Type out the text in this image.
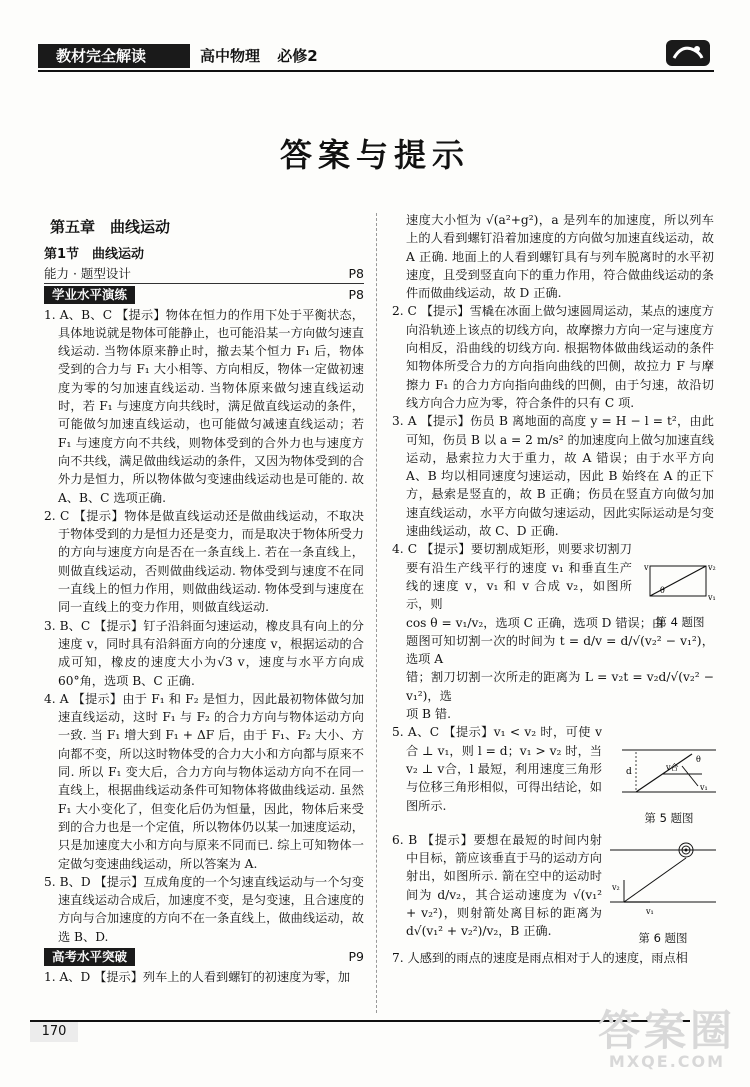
教材完全解读	高中物理 必修2
答案与提示
第五章　曲线运动
第1节　曲线运动
能力 · 题型设计	P8
学业水平演练	P8

1. A、B、C 【提示】物体在恒力的作用下处于平衡状态，具体地说就是物体可能静止，也可能沿某一方向做匀速直线运动. 当物体原来静止时，撤去某个恒力 F₁ 后，物体受到的合力与 F₁ 大小相等、方向相反，物体一定做初速度为零的匀加速直线运动. 当物体原来做匀速直线运动时，若 F₁ 与速度方向共线时，满足做直线运动的条件，可能做匀加速直线运动，也可能做匀减速直线运动；若 F₁ 与速度方向不共线，则物体受到的合外力也与速度方向不共线，满足做曲线运动的条件，又因为物体受到的合外力是恒力，所以物体做匀变速曲线运动也是可能的. 故 A、B、C 选项正确.

2. C 【提示】物体是做直线运动还是做曲线运动，不取决于物体受到的力是恒力还是变力，而是取决于物体所受力的方向与速度方向是否在一条直线上. 若在一条直线上，则做直线运动，否则做曲线运动. 物体受到与速度不在同一直线上的恒力作用，则做曲线运动. 物体受到与速度在同一直线上的变力作用，则做直线运动.

3. B、C 【提示】钉子沿斜面匀速运动，橡皮具有向上的分速度 v，同时具有沿斜面方向的分速度 v，根据运动的合成可知，橡皮的速度大小为√3 v，速度与水平方向成 60°角，选项 B、C 正确.

4. A 【提示】由于 F₁ 和 F₂ 是恒力，因此最初物体做匀加速直线运动，这时 F₁ 与 F₂ 的合力方向与物体运动方向一致. 当 F₁ 增大到 F₁ + ΔF 后，由于 F₁、F₂ 大小、方向都不变，所以这时物体受的合力大小和方向都与原来不同. 所以 F₁ 变大后，合力方向与物体运动方向不在同一直线上，根据曲线运动条件可知物体将做曲线运动. 虽然 F₁ 大小变化了，但变化后仍为恒量，因此，物体后来受到的合力也是一个定值，所以物体仍以某一加速度运动，只是加速度大小和方向与原来不同而已. 综上可知物体一定做匀变速曲线运动，所以答案为 A.

5. B、D 【提示】互成角度的一个匀速直线运动与一个匀变速直线运动合成后，加速度不变，是匀变速，且合速度的方向与合加速度的方向不在一条直线上，做曲线运动，故选 B、D.

高考水平突破	P9

1. A、D 【提示】列车上的人看到螺钉的初速度为零，加

速度大小恒为 √(a²+g²)，a 是列车的加速度，所以列车上的人看到螺钉沿着加速度的方向做匀加速直线运动，故 A 正确. 地面上的人看到螺钉具有与列车脱离时的水平初速度，且受到竖直向下的重力作用，符合做曲线运动的条件而做曲线运动，故 D 正确.

2. C 【提示】雪橇在冰面上做匀速圆周运动，某点的速度方向沿轨迹上该点的切线方向，故摩擦力方向一定与速度方向相反，沿曲线的切线方向. 根据物体做曲线运动的条件知物体所受合力的方向指向曲线的凹侧，故拉力 F 与摩擦力 F₁ 的合力方向指向曲线的凹侧，由于匀速，故沿切线方向合力应为零，符合条件的只有 C 项.

3. A 【提示】伤员 B 离地面的高度 y = H − l = t²，由此可知，伤员 B 以 a = 2 m/s² 的加速度向上做匀加速直线运动，悬索拉力大于重力，故 A 错误；由于水平方向 A、B 均以相同速度匀速运动，因此 B 始终在 A 的正下方，悬索是竖直的，故 B 正确；伤员在竖直方向做匀加速直线运动，水平方向做匀速运动，因此实际运动是匀变速曲线运动，故 C、D 正确.

4. C 【提示】要切割成矩形，则要求切割刀要有沿生产线平行的速度 v₁ 和垂直生产线的速度 v，v₁ 和 v 合成 v₂，如图所示，则

cos θ = v₁/v₂，选项 C 正确，选项 D 错误；由

题图可知切割一次的时间为 t = d/v = d/√(v₂² − v₁²)，选项 A

错；割刀切割一次所走的距离为 L = v₂t = v₂d/√(v₂² − v₁²)，选

项 B 错.

5. A、C 【提示】v₁ < v₂ 时，可使 v合 ⊥ v₁，则 l = d；v₁ > v₂ 时，当 v₂ ⊥ v合，l 最短，利用速度三角形与位移三角形相似，可得出结论，如图所示.

6. B 【提示】要想在最短的时间内射中目标，箭应该垂直于马的运动方向射出，如图所示. 箭在空中的运动时间为 d/v₂，其合运动速度为 √(v₁² + v₂²)，则射箭处离目标的距离为 d√(v₁² + v₂²)/v₂，B 正确.

7. 人感到的雨点的速度是雨点相对于人的速度，雨点相

v	v₂
v₁
θ
第 4 题图
d	v合
v₁
θ
第 5 题图
v₂
v₁
第 6 题图
170	答案圈
MXQE.COM
